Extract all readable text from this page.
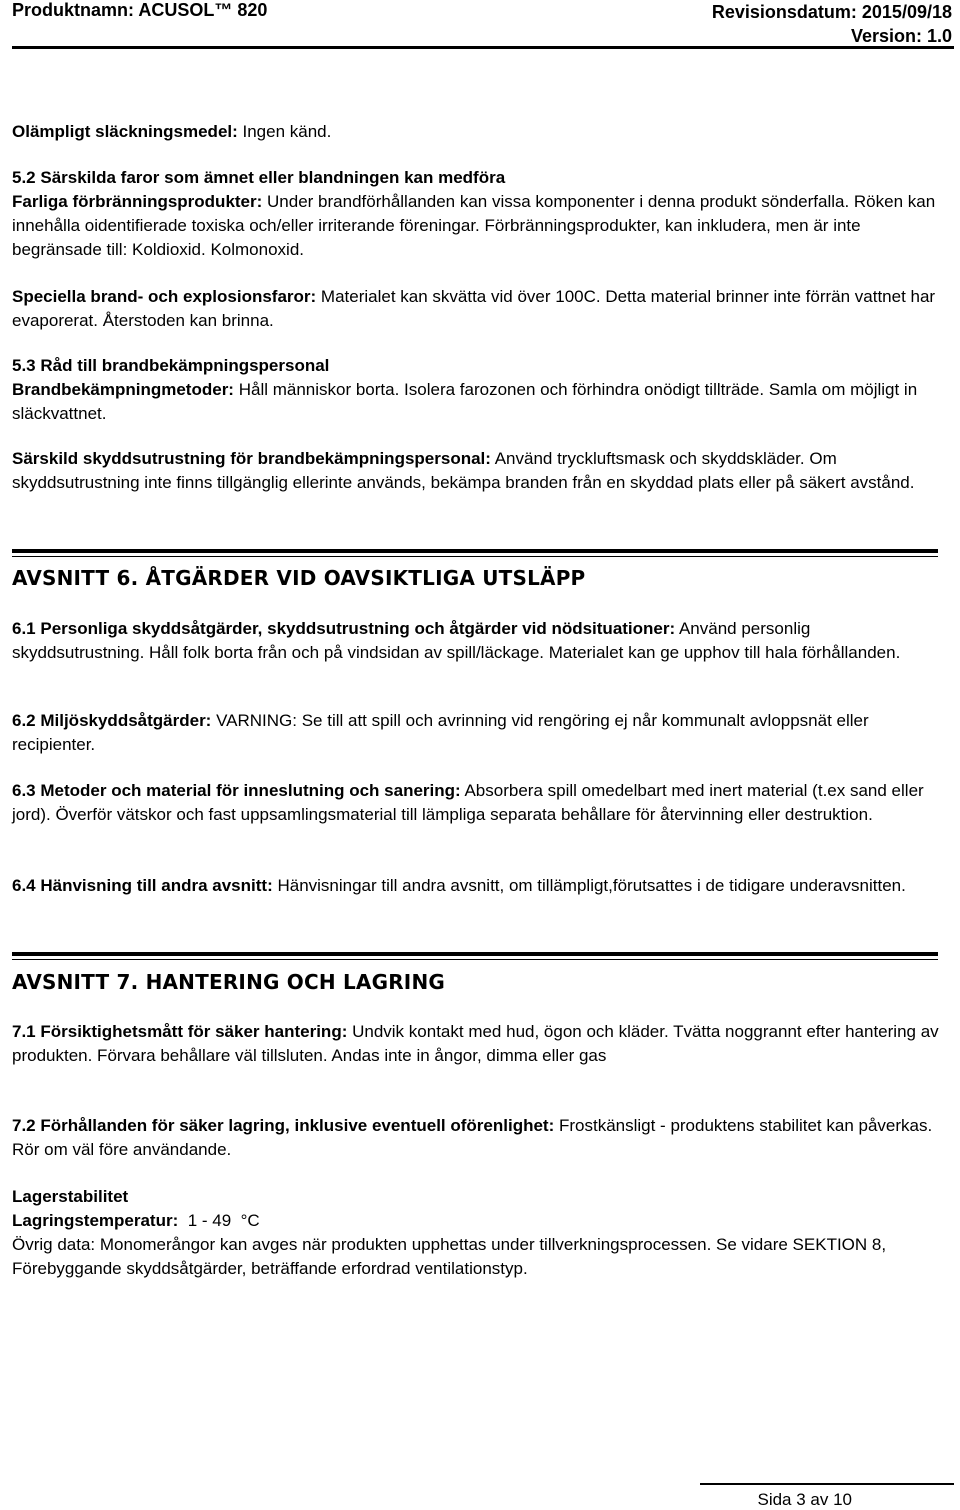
Produktnamn: ACUSOL™ 820	Revisionsdatum: 2015/09/18
Version: 1.0
Olämpligt släckningsmedel: Ingen känd.
5.2 Särskilda faror som ämnet eller blandningen kan medföra
Farliga förbränningsprodukter: Under brandförhållanden kan vissa komponenter i denna produkt sönderfalla. Röken kan innehålla oidentifierade toxiska och/eller irriterande föreningar. Förbränningsprodukter, kan inkludera, men är inte begränsade till: Koldioxid. Kolmonoxid.
Speciella brand- och explosionsfaror: Materialet kan skvätta vid över 100C. Detta material brinner inte förrän vattnet har evaporerat. Återstoden kan brinna.
5.3 Råd till brandbekämpningspersonal
Brandbekämpningmetoder: Håll människor borta. Isolera farozonen och förhindra onödigt tillträde. Samla om möjligt in släckvattnet.
Särskild skyddsutrustning för brandbekämpningspersonal: Använd tryckluftsmask och skyddskläder. Om skyddsutrustning inte finns tillgänglig ellerinte används, bekämpa branden från en skyddad plats eller på säkert avstånd.
AVSNITT 6. ÅTGÄRDER VID OAVSIKTLIGA UTSLÄPP
6.1 Personliga skyddsåtgärder, skyddsutrustning och åtgärder vid nödsituationer: Använd personlig skyddsutrustning. Håll folk borta från och på vindsidan av spill/läckage. Materialet kan ge upphov till hala förhållanden.
6.2 Miljöskyddsåtgärder: VARNING: Se till att spill och avrinning vid rengöring ej når kommunalt avloppsnät eller recipienter.
6.3 Metoder och material för inneslutning och sanering: Absorbera spill omedelbart med inert material (t.ex sand eller jord). Överför vätskor och fast uppsamlingsmaterial till lämpliga separata behållare för återvinning eller destruktion.
6.4 Hänvisning till andra avsnitt: Hänvisningar till andra avsnitt, om tillämpligt,förutsattes i de tidigare underavsnitten.
AVSNITT 7. HANTERING OCH LAGRING
7.1 Försiktighetsmått för säker hantering: Undvik kontakt med hud, ögon och kläder. Tvätta noggrannt efter hantering av produkten. Förvara behållare väl tillsluten. Andas inte in ångor, dimma eller gas
7.2 Förhållanden för säker lagring, inklusive eventuell oförenlighet: Frostkänsligt - produktens stabilitet kan påverkas. Rör om väl före användande.
Lagerstabilitet
Lagringstemperatur:  1 - 49  °C
Övrig data: Monomerångor kan avges när produkten upphettas under tillverkningsprocessen. Se vidare SEKTION 8, Förebyggande skyddsåtgärder, beträffande erfordrad ventilationstyp.
Sida 3 av 10
